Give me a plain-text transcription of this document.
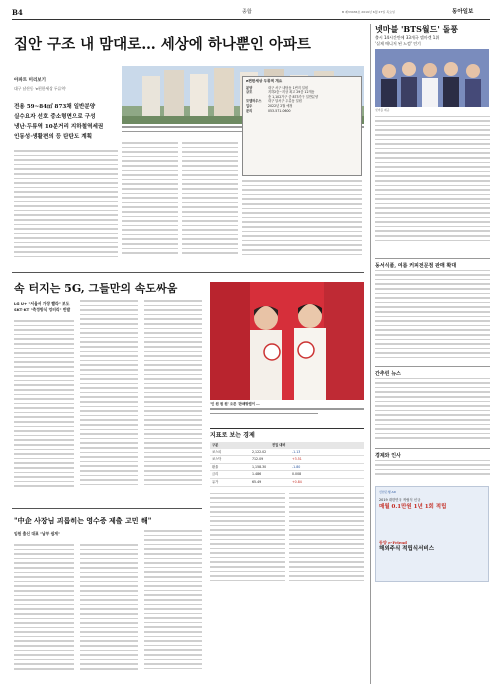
B4	종합	B 제33436호 2019년 6월 27일 목요일	동아일보
집안 구조 내 맘대로… 세상에 하나뿐인 아파트
아파트 미리보기
대구 남산동 'e편한세상 두류역'
전용 59~84㎡ 873채 일반분양
실수요자 선호 중소형면으로 구성
냉난·두류역 10분거리 지하철역세권
인동성·생활편의 등 탄탄도 계획
e편한세상 두류역 개요
분양	대구 서구 내당동 1번지 일원
규모	지하2층~지상 최고 29층 12개동
총 1,102가구 중 873가구 일반분양
모델하우스	대구 달서구 두류동 일원
입주	2022년 2월 예정
문의	053-571-0600
넷마블 'BTS월드' 돌풍
출시 14시간만에 33개국 앱마켓 1위
'실제 매니저 된 느낌' 인기
넷마블 제공
동서식품, 여름 커피전문점 판매 확대
간추린 뉴스
경제와 인사
신한은행 AD
2019 대한민국 적립식 신규
매월 0.1만원 1년 1회 적립
동양 e-Friend
해외주식 적립식서비스
속 터지는 5G, 그들만의 속도싸움
LG U+ "서울서 가장 빨라" 보도
SKT·KT "측정방식 엉터리" 반발
'인 원 원 원' 오픈 '판매방법이 …
"中企 사장님 괴롭히는 영수증 제출 고민 해"
임원 출신 대표 "납부 쉽게"
지표로 보는 경제
구분	전일 대비
코스피	2,122.02	-1.13
코스닥	712.09	+3.51
환율	1,158.30	-1.80
금리	1.486	0.008
유가	65.49	+0.84
